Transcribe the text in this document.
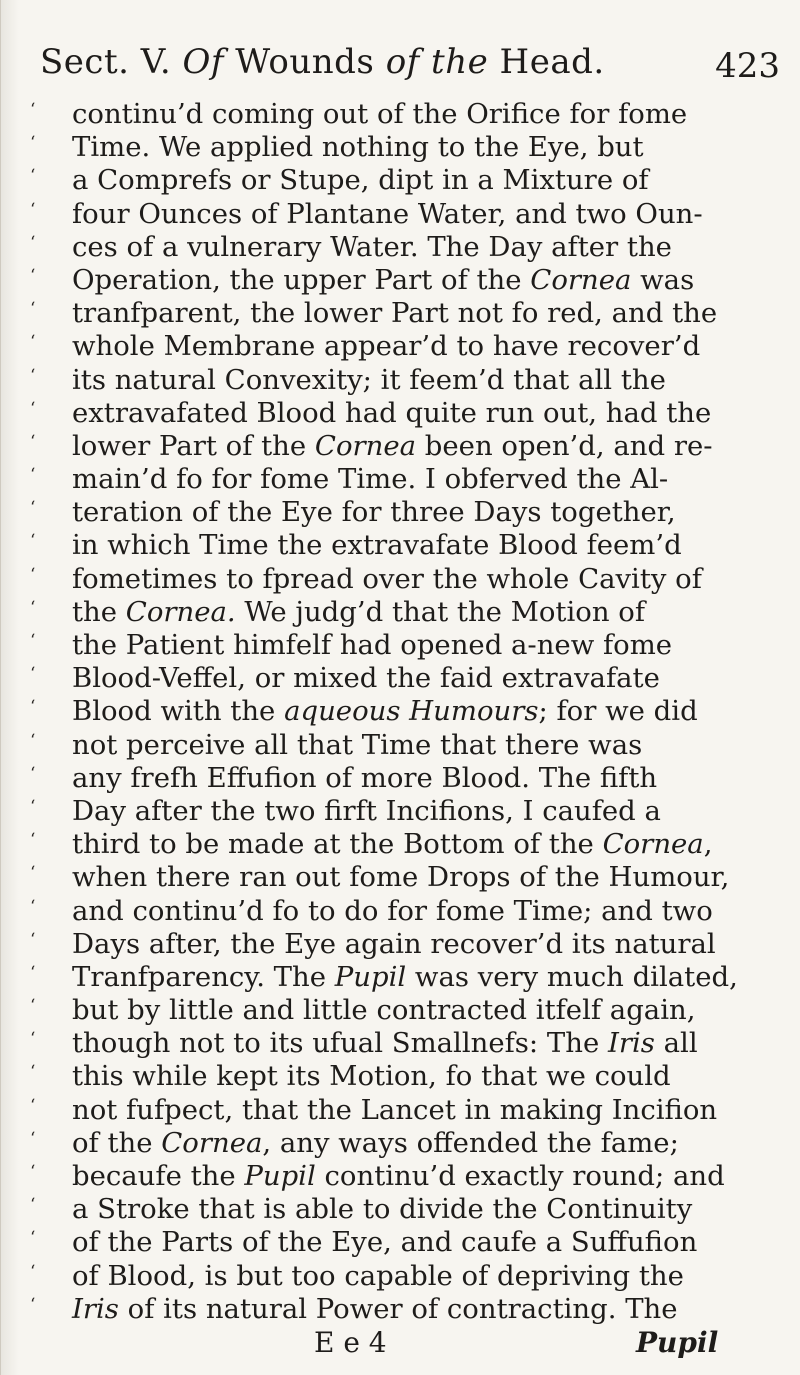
Sect. V. Of Wounds of the Head.	423
‘	continu’d coming out of the Orifice for fome
‘	Time. We applied nothing to the Eye, but
‘	a Comprefs or Stupe, dipt in a Mixture of
‘	four Ounces of Plantane Water, and two Oun-
‘	ces of a vulnerary Water. The Day after the
‘	Operation, the upper Part of the Cornea was
‘	tranfparent, the lower Part not fo red, and the
‘	whole Membrane appear’d to have recover’d
‘	its natural Convexity; it feem’d that all the
‘	extravafated Blood had quite run out, had the
‘	lower Part of the Cornea been open’d, and re-
‘	main’d fo for fome Time. I obferved the Al-
‘	teration of the Eye for three Days together,
‘	in which Time the extravafate Blood feem’d
‘	fometimes to fpread over the whole Cavity of
‘	the Cornea. We judg’d that the Motion of
‘	the Patient himfelf had opened a-new fome
‘	Blood-Veffel, or mixed the faid extravafate
‘	Blood with the aqueous Humours; for we did
‘	not perceive all that Time that there was
‘	any frefh Effufion of more Blood. The fifth
‘	Day after the two firft Incifions, I caufed a
‘	third to be made at the Bottom of the Cornea,
‘	when there ran out fome Drops of the Humour,
‘	and continu’d fo to do for fome Time; and two
‘	Days after, the Eye again recover’d its natural
‘	Tranfparency. The Pupil was very much dilated,
‘	but by little and little contracted itfelf again,
‘	though not to its ufual Smallnefs: The Iris all
‘	this while kept its Motion, fo that we could
‘	not fufpect, that the Lancet in making Incifion
‘	of the Cornea, any ways offended the fame;
‘	becaufe the Pupil continu’d exactly round; and
‘	a Stroke that is able to divide the Continuity
‘	of the Parts of the Eye, and caufe a Suffufion
‘	of Blood, is but too capable of depriving the
‘	Iris of its natural Power of contracting. The
E e 4	Pupil
